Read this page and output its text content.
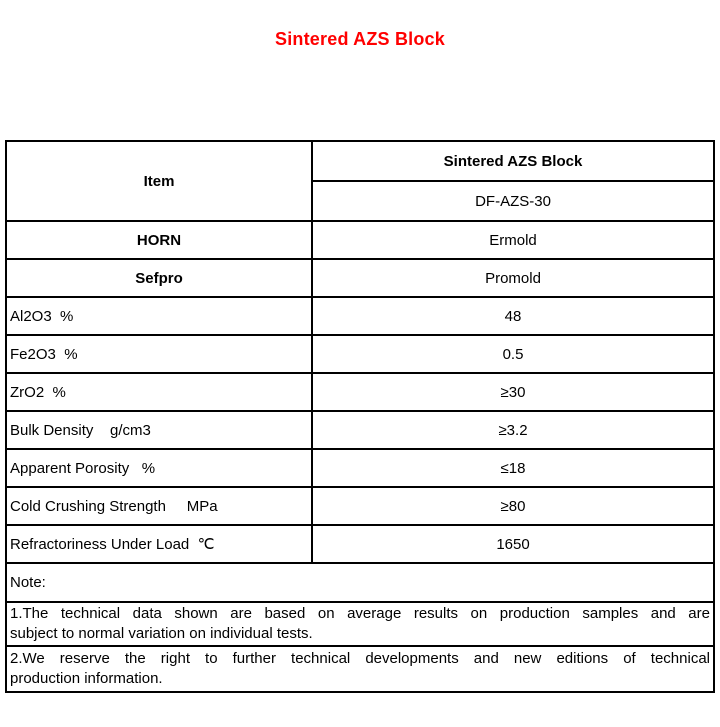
Sintered AZS Block
Item	Sintered AZS Block
	DF-AZS-30
HORN	Ermold
Sefpro	Promold
Al2O3  %	48
Fe2O3  %	0.5
ZrO2  %	≥30
Bulk Density    g/cm3	≥3.2
Apparent Porosity   %	≤18
Cold Crushing Strength     MPa	≥80
Refractoriness Under Load  ℃	1650
Note:	

1.The technical data shown are based on average results on production samples and are
subject to normal variation on individual tests.	

2.We reserve the right to further technical developments and new editions of technical
production information.	
